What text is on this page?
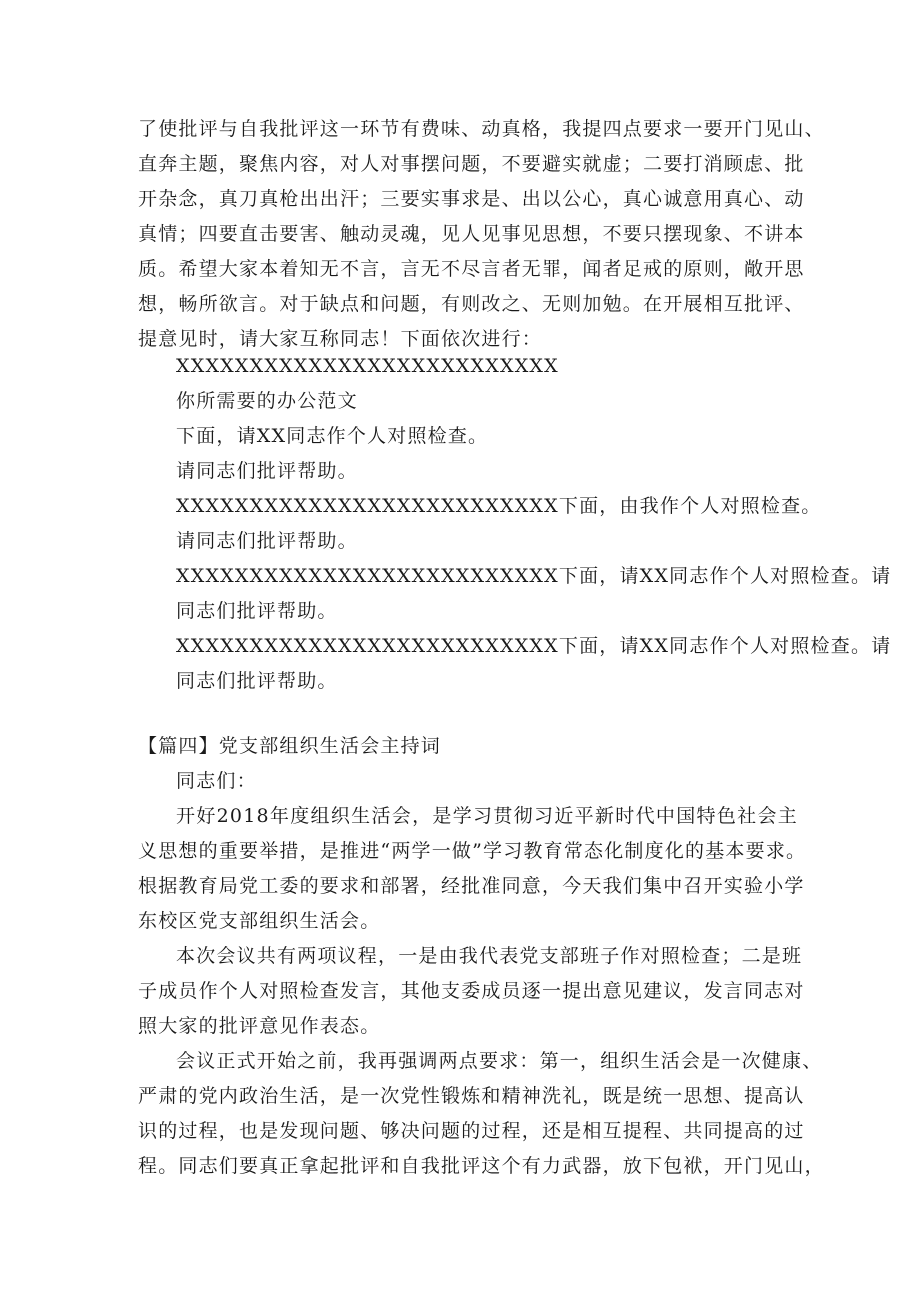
了使批评与自我批评这一环节有费味、动真格，我提四点要求一要开门见山、
直奔主题，聚焦内容，对人对事摆问题，不要避实就虚；二要打消顾虑、批
开杂念，真刀真枪出出汗；三要实事求是、出以公心，真心诚意用真心、动
真情；四要直击要害、触动灵魂，见人见事见思想，不要只摆现象、不讲本
质。希望大家本着知无不言，言无不尽言者无罪，闻者足戒的原则，敞开思
想，畅所欲言。对于缺点和问题，有则改之、无则加勉。在开展相互批评、
提意见时，请大家互称同志！下面依次进行：
XXXXXXXXXXXXXXXXXXXXXXXXXX
你所需要的办公范文
下面，请XX同志作个人对照检查。
请同志们批评帮助。
XXXXXXXXXXXXXXXXXXXXXXXXXX下面，由我作个人对照检查。
请同志们批评帮助。
XXXXXXXXXXXXXXXXXXXXXXXXXX下面，请XX同志作个人对照检查。请
同志们批评帮助。
XXXXXXXXXXXXXXXXXXXXXXXXXX下面，请XX同志作个人对照检查。请
同志们批评帮助。
【篇四】党支部组织生活会主持词
同志们：
开好2018年度组织生活会，是学习贯彻习近平新时代中国特色社会主
义思想的重要举措，是推进“两学一做”学习教育常态化制度化的基本要求。
根据教育局党工委的要求和部署，经批准同意，今天我们集中召开实验小学
东校区党支部组织生活会。
本次会议共有两项议程，一是由我代表党支部班子作对照检查；二是班
子成员作个人对照检查发言，其他支委成员逐一提出意见建议，发言同志对
照大家的批评意见作表态。
会议正式开始之前，我再强调两点要求：第一，组织生活会是一次健康、
严肃的党内政治生活，是一次党性锻炼和精神洗礼，既是统一思想、提高认
识的过程，也是发现问题、够决问题的过程，还是相互提程、共同提高的过
程。同志们要真正拿起批评和自我批评这个有力武器，放下包袱，开门见山，
